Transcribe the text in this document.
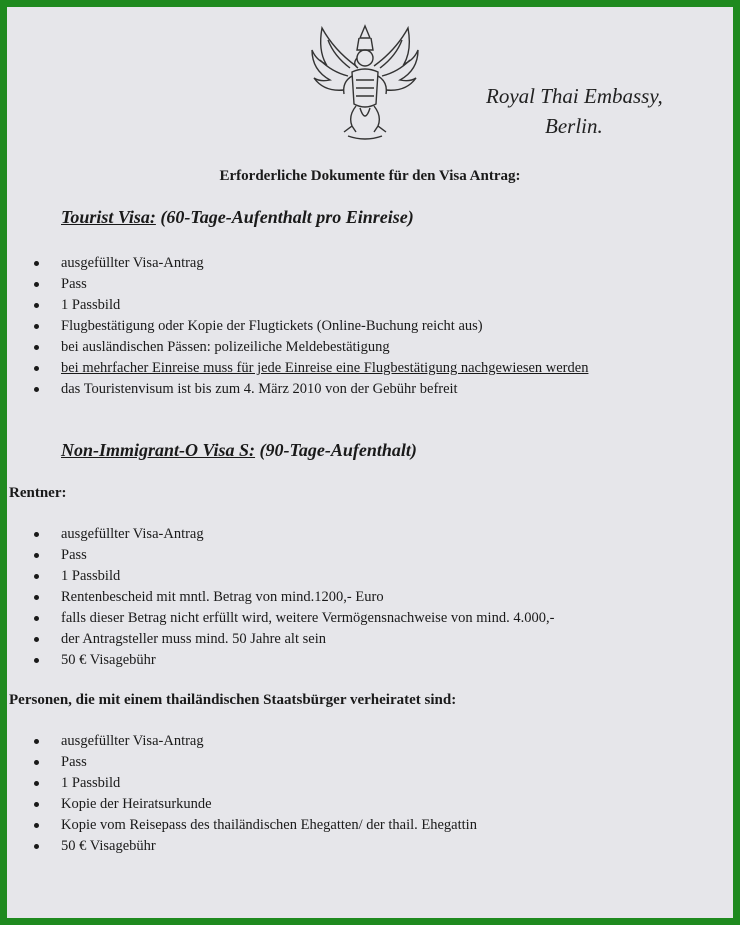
Royal Thai Embassy,
Berlin.
Erforderliche Dokumente für den Visa Antrag:
Tourist Visa: (60-Tage-Aufenthalt pro Einreise)
ausgefüllter Visa-Antrag
Pass
1 Passbild
Flugbestätigung oder Kopie der Flugtickets (Online-Buchung reicht aus)
bei ausländischen Pässen: polizeiliche Meldebestätigung
bei mehrfacher Einreise muss für jede Einreise eine Flugbestätigung nachgewiesen werden
das Touristenvisum ist bis zum 4. März 2010 von der Gebühr befreit
Non-Immigrant-O Visa S: (90-Tage-Aufenthalt)
Rentner:
ausgefüllter Visa-Antrag
Pass
1 Passbild
Rentenbescheid mit mntl. Betrag von mind.1200,- Euro
falls dieser Betrag nicht erfüllt wird, weitere Vermögensnachweise von mind. 4.000,-
der Antragsteller muss mind. 50 Jahre alt sein
50 € Visagebühr
Personen, die mit einem thailändischen Staatsbürger verheiratet sind:
ausgefüllter Visa-Antrag
Pass
1 Passbild
Kopie der Heiratsurkunde
Kopie vom Reisepass des thailändischen Ehegatten/ der thail. Ehegattin
50 € Visagebühr
